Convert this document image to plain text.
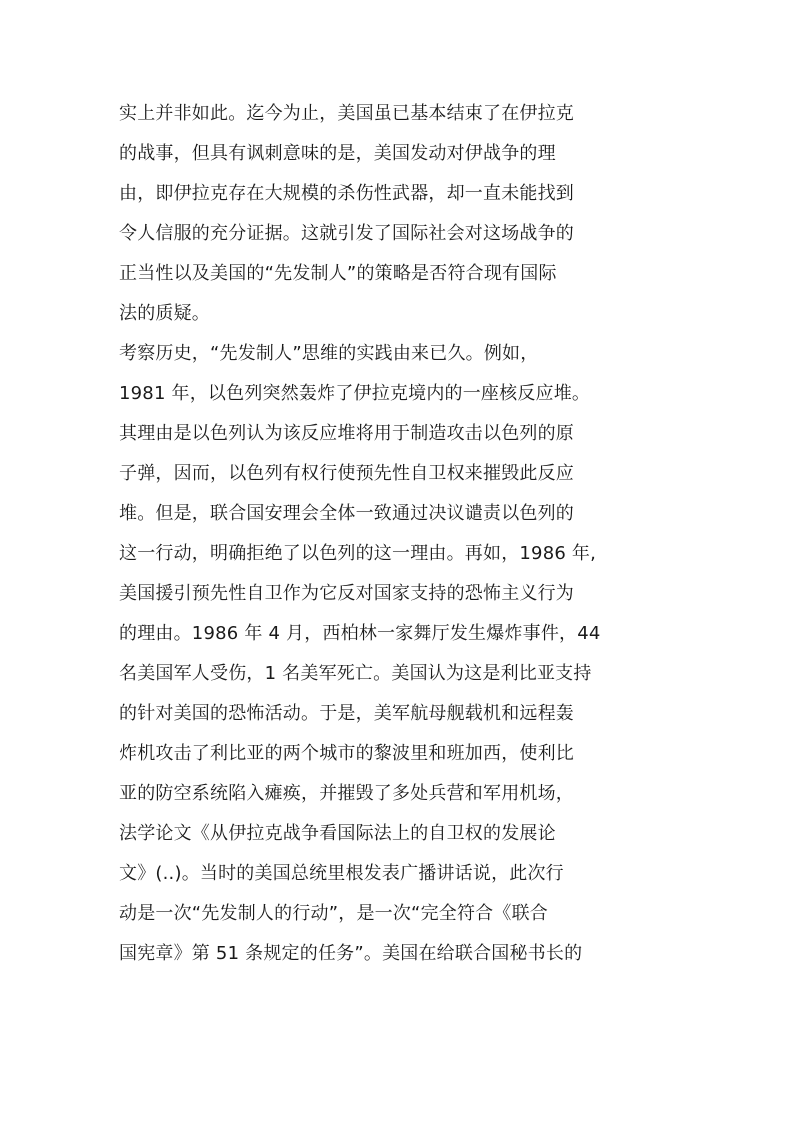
实上并非如此。迄今为止，美国虽已基本结束了在伊拉克
的战事，但具有讽刺意味的是，美国发动对伊战争的理
由，即伊拉克存在大规模的杀伤性武器，却一直未能找到
令人信服的充分证据。这就引发了国际社会对这场战争的
正当性以及美国的“先发制人”的策略是否符合现有国际
法的质疑。
考察历史，“先发制人”思维的实践由来已久。例如，
1981 年，以色列突然轰炸了伊拉克境内的一座核反应堆。
其理由是以色列认为该反应堆将用于制造攻击以色列的原
子弹，因而，以色列有权行使预先性自卫权来摧毁此反应
堆。但是，联合国安理会全体一致通过决议谴责以色列的
这一行动，明确拒绝了以色列的这一理由。再如，1986 年,
美国援引预先性自卫作为它反对国家支持的恐怖主义行为
的理由。1986 年 4 月，西柏林一家舞厅发生爆炸事件，44
名美国军人受伤，1 名美军死亡。美国认为这是利比亚支持
的针对美国的恐怖活动。于是，美军航母舰载机和远程轰
炸机攻击了利比亚的两个城市的黎波里和班加西，使利比
亚的防空系统陷入瘫痪，并摧毁了多处兵营和军用机场，
法学论文《从伊拉克战争看国际法上的自卫权的发展论
文》(..)。当时的美国总统里根发表广播讲话说，此次行
动是一次“先发制人的行动”，是一次“完全符合《联合
国宪章》第 51 条规定的任务”。美国在给联合国秘书长的
